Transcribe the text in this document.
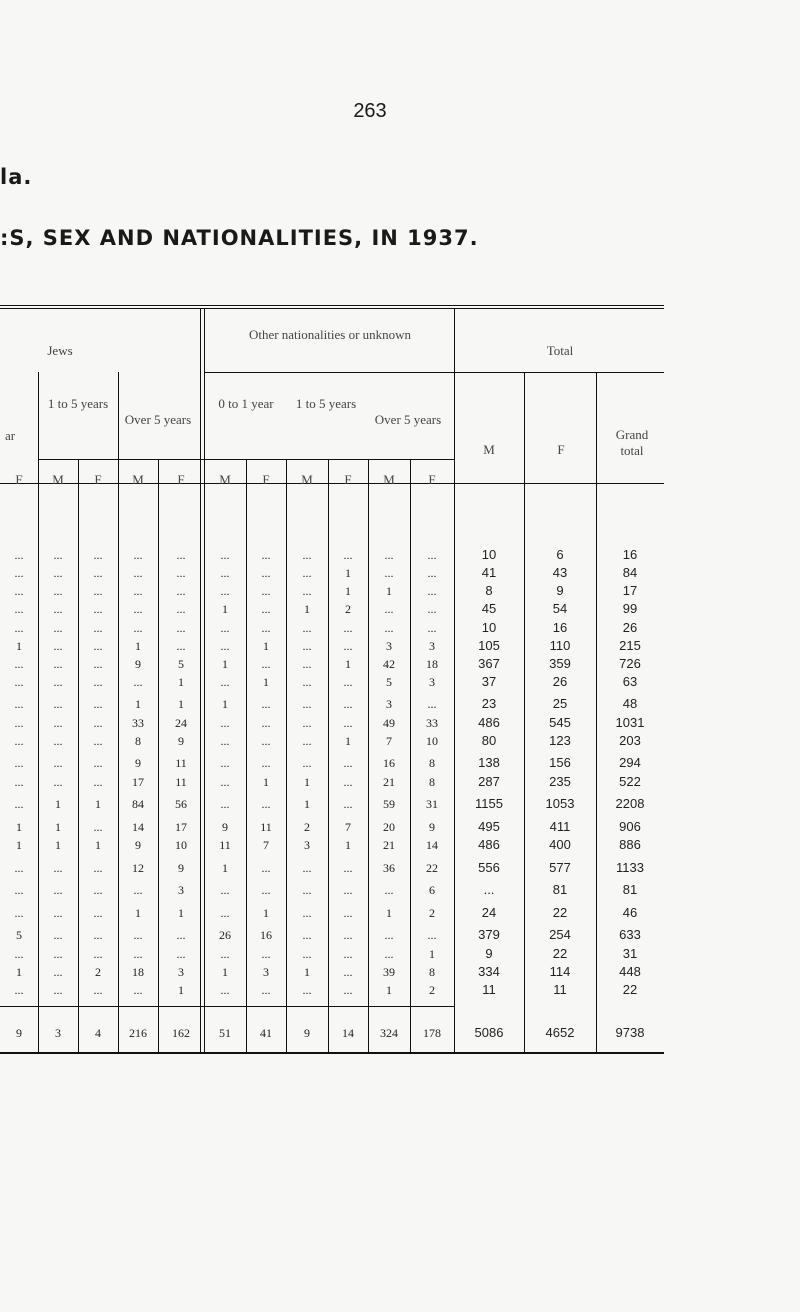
263
la.
:S, SEX AND NATIONALITIES, IN 1937.
Jews
Other nationalities or unknown
Total
ar
1 to 5 years
Over 5 years
0 to 1 year	1 to 5 years
Over 5 years
M	F
Grand total
F	M	F	M	F	M	F	M	F	M	F
...	...	...	...	...	...	...	...	...	...	...	10	6	16
...	...	...	...	...	...	...	...	1	...	...	41	43	84
...	...	...	...	...	...	...	...	1	1	...	8	9	17
...	...	...	...	...	1	...	1	2	...	...	45	54	99
...	...	...	...	...	...	...	...	...	...	...	10	16	26
1	...	...	1	...	...	1	...	...	3	3	105	110	215
...	...	...	9	5	1	...	...	1	42	18	367	359	726
...	...	...	...	1	...	1	...	...	5	3	37	26	63
...	...	...	1	1	1	...	...	...	3	...	23	25	48
...	...	...	33	24	...	...	...	...	49	33	486	545	1031
...	...	...	8	9	...	...	...	1	7	10	80	123	203
...	...	...	9	11	...	...	...	...	16	8	138	156	294
...	...	...	17	11	...	1	1	...	21	8	287	235	522
...	1	1	84	56	...	...	1	...	59	31	1155	1053	2208
1	1	...	14	17	9	11	2	7	20	9	495	411	906
1	1	1	9	10	11	7	3	1	21	14	486	400	886
...	...	...	12	9	1	...	...	...	36	22	556	577	1133
...	...	...	...	3	...	...	...	...	...	6	...	81	81
...	...	...	1	1	...	1	...	...	1	2	24	22	46
5	...	...	...	...	26	16	...	...	...	...	379	254	633
...	...	...	...	...	...	...	...	...	...	1	9	22	31
1	...	2	18	3	1	3	1	...	39	8	334	114	448
...	...	...	...	1	...	...	...	...	1	2	11	11	22
9	3	4	216	162	51	41	9	14	324	178	5086	4652	9738
